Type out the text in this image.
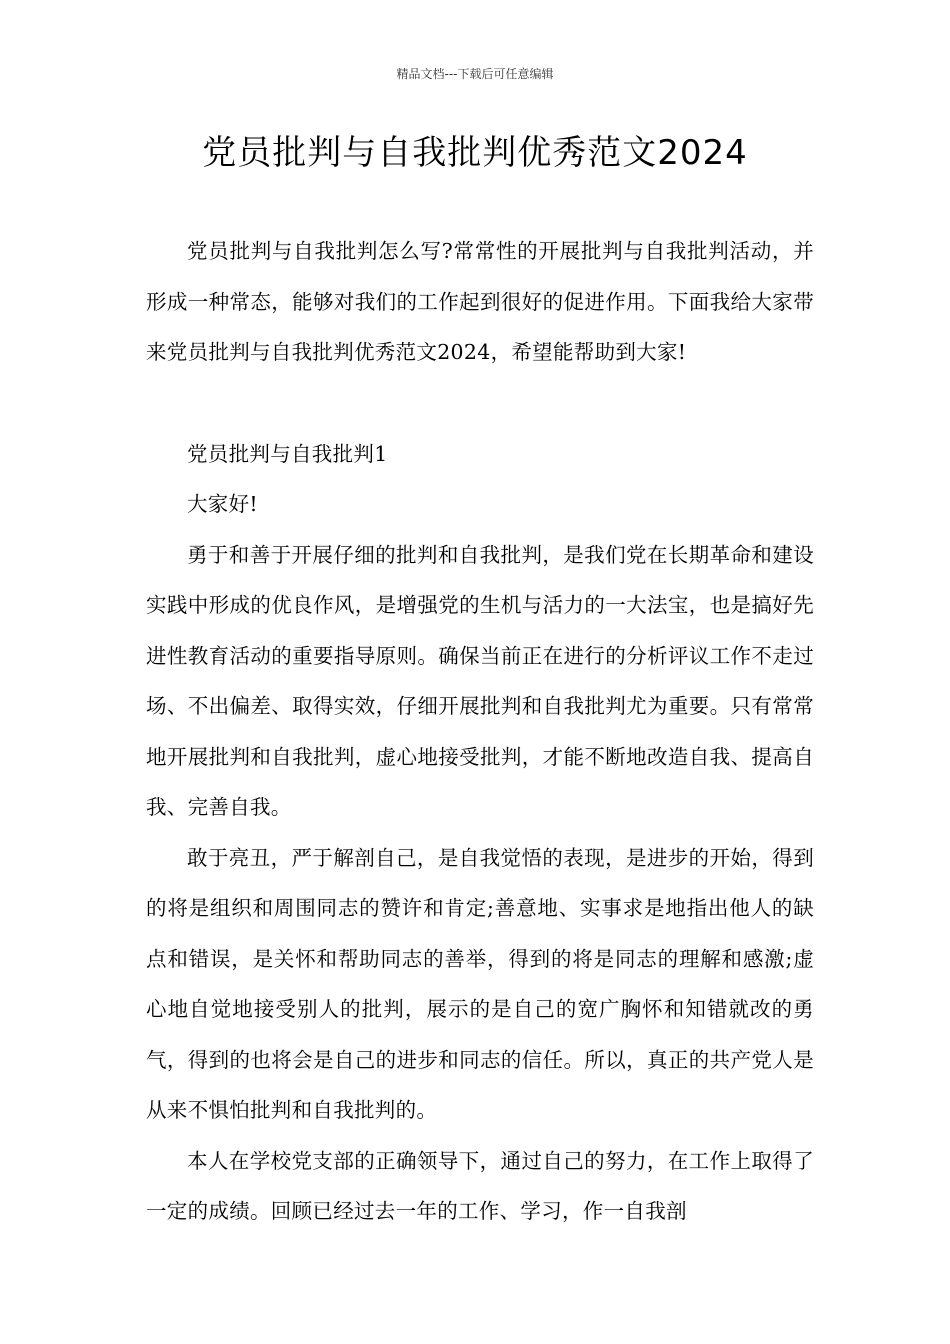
精品文档---下载后可任意编辑
党员批判与自我批判优秀范文2024

党员批判与自我批判怎么写?常常性的开展批判与自我批判活动，并形成一种常态，能够对我们的工作起到很好的促进作用。下面我给大家带来党员批判与自我批判优秀范文2024，希望能帮助到大家!

党员批判与自我批判1

大家好!

勇于和善于开展仔细的批判和自我批判，是我们党在长期革命和建设实践中形成的优良作风，是增强党的生机与活力的一大法宝，也是搞好先进性教育活动的重要指导原则。确保当前正在进行的分析评议工作不走过场、不出偏差、取得实效，仔细开展批判和自我批判尤为重要。只有常常地开展批判和自我批判，虚心地接受批判，才能不断地改造自我、提高自我、完善自我。

敢于亮丑，严于解剖自己，是自我觉悟的表现，是进步的开始，得到的将是组织和周围同志的赞许和肯定;善意地、实事求是地指出他人的缺点和错误，是关怀和帮助同志的善举，得到的将是同志的理解和感激;虚心地自觉地接受别人的批判，展示的是自己的宽广胸怀和知错就改的勇气，得到的也将会是自己的进步和同志的信任。所以，真正的共产党人是从来不惧怕批判和自我批判的。

本人在学校党支部的正确领导下，通过自己的努力，在工作上取得了一定的成绩。回顾已经过去一年的工作、学习，作一自我剖
